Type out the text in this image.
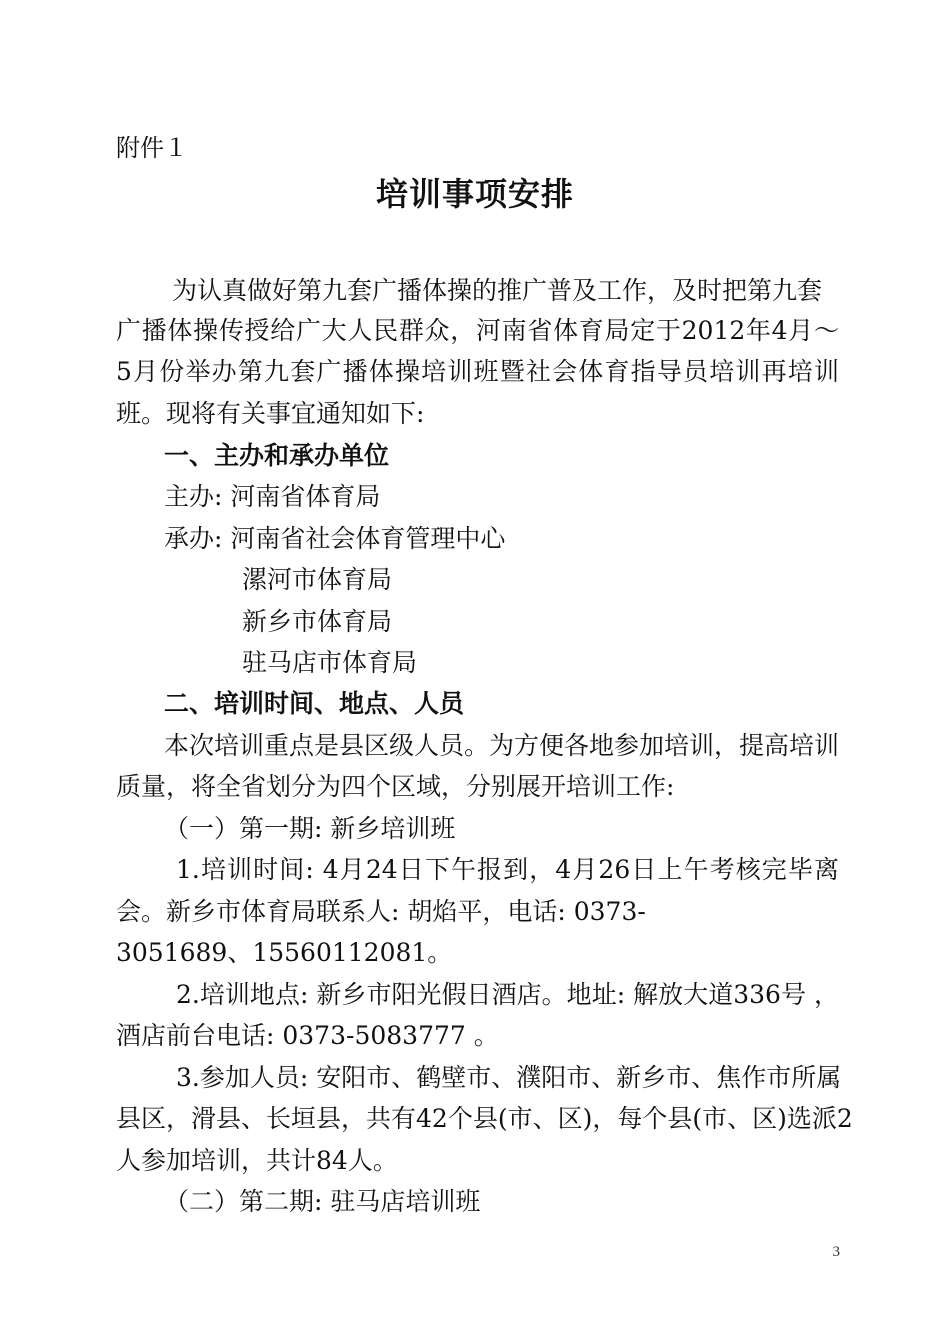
附件１
培训事项安排
为认真做好第九套广播体操的推广普及工作，及时把第九套
广播体操传授给广大人民群众，河南省体育局定于2012年4月～
5月份举办第九套广播体操培训班暨社会体育指导员培训再培训
班。现将有关事宜通知如下:
一、主办和承办单位
主办: 河南省体育局
承办: 河南省社会体育管理中心
漯河市体育局
新乡市体育局
驻马店市体育局
二、培训时间、地点、人员
本次培训重点是县区级人员。为方便各地参加培训，提高培训
质量，将全省划分为四个区域，分别展开培训工作:
（一）第一期: 新乡培训班
1.培训时间: 4月24日下午报到，4月26日上午考核完毕离
会。新乡市体育局联系人: 胡焰平，电话: 0373-
3051689、15560112081。
2.培训地点: 新乡市阳光假日酒店。地址: 解放大道336号 ，
酒店前台电话: 0373-5083777 。
3.参加人员: 安阳市、鹤壁市、濮阳市、新乡市、焦作市所属
县区，滑县、长垣县，共有42个县(市、区)，每个县(市、区)选派2
人参加培训，共计84人。
（二）第二期: 驻马店培训班
3
